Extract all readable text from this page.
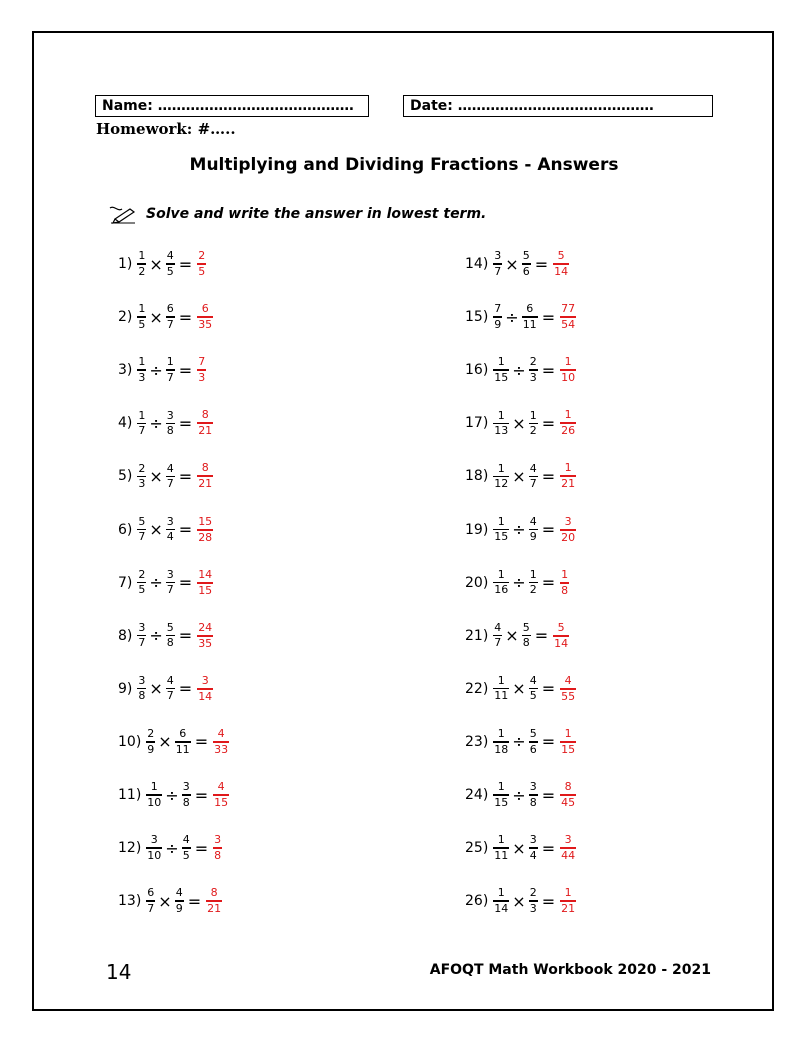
Name: ……………………………………	Date: ……………………………………
Homework: #…..
Multiplying and Dividing Fractions - Answers
Solve and write the answer in lowest term.
$1) \frac{1}{2} \times \frac{4}{5} = \frac{2}{5}$
$2) \frac{1}{5} \times \frac{6}{7} = \frac{6}{35}$
$3) \frac{1}{3} \div \frac{1}{7} = \frac{7}{3}$
$4) \frac{1}{7} \div \frac{3}{8} = \frac{8}{21}$
$5) \frac{2}{3} \times \frac{4}{7} = \frac{8}{21}$
$6) \frac{5}{7} \times \frac{3}{4} = \frac{15}{28}$
$7) \frac{2}{5} \div \frac{3}{7} = \frac{14}{15}$
$8) \frac{3}{7} \div \frac{5}{8} = \frac{24}{35}$
$9) \frac{3}{8} \times \frac{4}{7} = \frac{3}{14}$
$10) \frac{2}{9} \times \frac{6}{11} = \frac{4}{33}$
$11) \frac{1}{10} \div \frac{3}{8} = \frac{4}{15}$
$12) \frac{3}{10} \div \frac{4}{5} = \frac{3}{8}$
$13) \frac{6}{7} \times \frac{4}{9} = \frac{8}{21}$
$14) \frac{3}{7} \times \frac{5}{6} = \frac{5}{14}$
$15) \frac{7}{9} \div \frac{6}{11} = \frac{77}{54}$
$16) \frac{1}{15} \div \frac{2}{3} = \frac{1}{10}$
$17) \frac{1}{13} \times \frac{1}{2} = \frac{1}{26}$
$18) \frac{1}{12} \times \frac{4}{7} = \frac{1}{21}$
$19) \frac{1}{15} \div \frac{4}{9} = \frac{3}{20}$
$20) \frac{1}{16} \div \frac{1}{2} = \frac{1}{8}$
$21) \frac{4}{7} \times \frac{5}{8} = \frac{5}{14}$
$22) \frac{1}{11} \times \frac{4}{5} = \frac{4}{55}$
$23) \frac{1}{18} \div \frac{5}{6} = \frac{1}{15}$
$24) \frac{1}{15} \div \frac{3}{8} = \frac{8}{45}$
$25) \frac{1}{11} \times \frac{3}{4} = \frac{3}{44}$
$26) \frac{1}{14} \times \frac{2}{3} = \frac{1}{21}$
14	AFOQT Math Workbook 2020 - 2021
